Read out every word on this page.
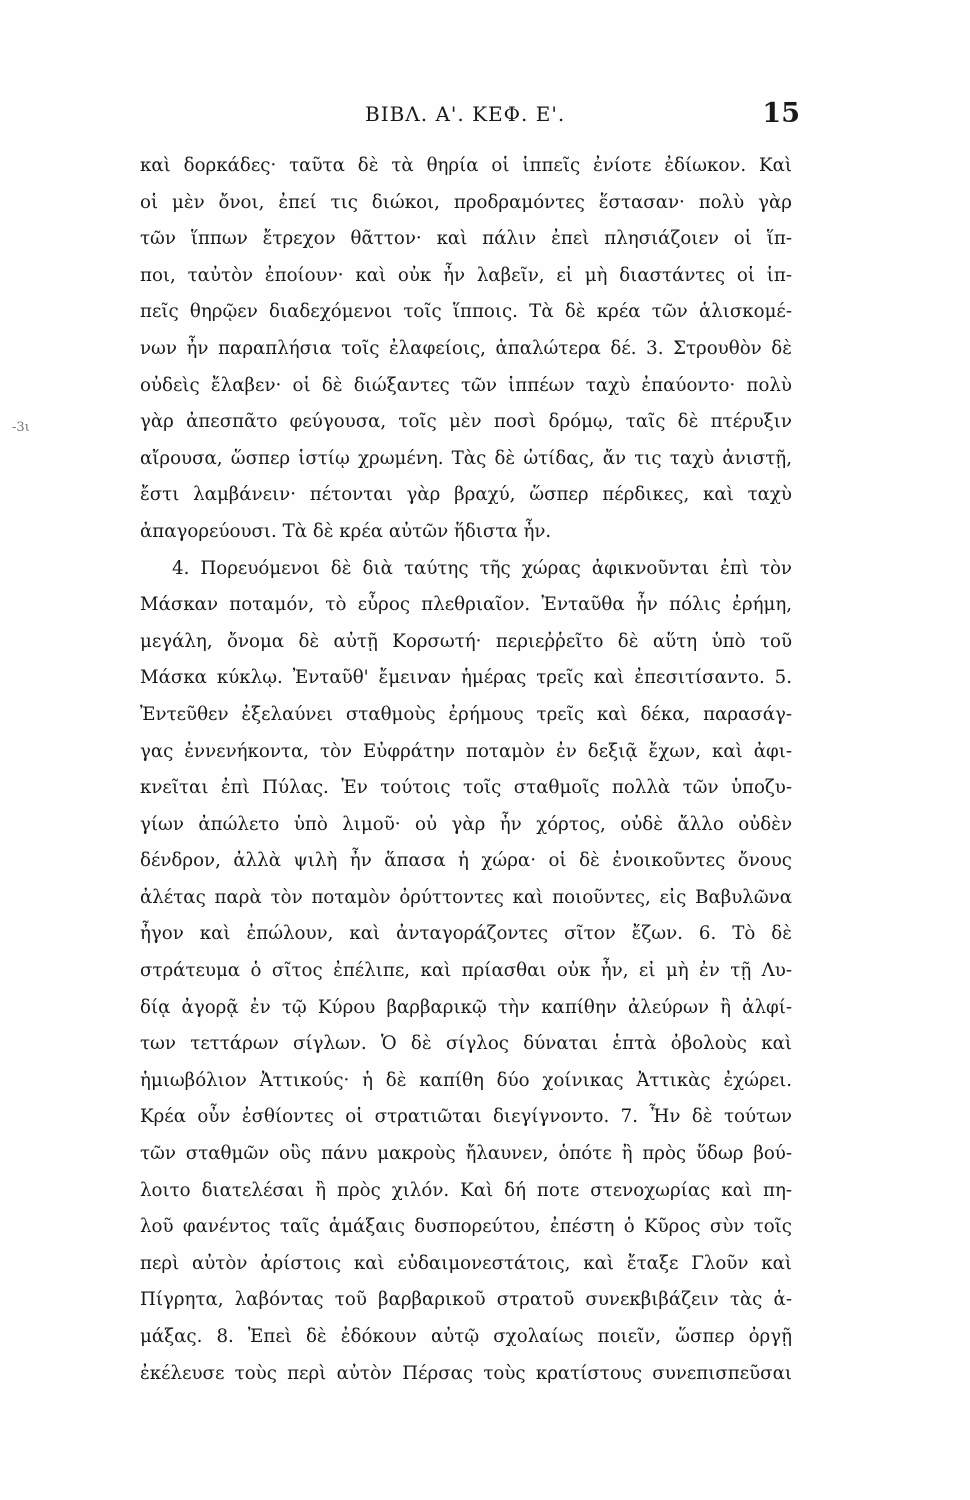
ΒΙΒΛ. Α'. ΚΕΦ. Ε'.	15
-3ι
καὶ δορκάδες· ταῦτα δὲ τὰ θηρία οἱ ἱππεῖς ἐνίοτε ἐδίωκον. Καὶ
οἱ μὲν ὄνοι, ἐπεί τις διώκοι, προδραμόντες ἕστασαν· πολὺ γὰρ
τῶν ἵππων ἔτρεχον θᾶττον· καὶ πάλιν ἐπεὶ πλησιάζοιεν οἱ ἵπ-
ποι, ταὐτὸν ἐποίουν· καὶ οὐκ ἦν λαβεῖν, εἰ μὴ διαστάντες οἱ ἱπ-
πεῖς θηρῷεν διαδεχόμενοι τοῖς ἵπποις. Τὰ δὲ κρέα τῶν ἁλισκομέ-
νων ἦν παραπλήσια τοῖς ἐλαφείοις, ἁπαλώτερα δέ. 3. Στρουθὸν δὲ
οὐδεὶς ἔλαβεν· οἱ δὲ διώξαντες τῶν ἱππέων ταχὺ ἐπαύοντο· πολὺ
γὰρ ἀπεσπᾶτο φεύγουσα, τοῖς μὲν ποσὶ δρόμῳ, ταῖς δὲ πτέρυξιν
αἴρουσα, ὥσπερ ἱστίῳ χρωμένη. Τὰς δὲ ὠτίδας, ἄν τις ταχὺ ἀνιστῇ,
ἔστι λαμβάνειν· πέτονται γὰρ βραχύ, ὥσπερ πέρδικες, καὶ ταχὺ
ἀπαγορεύουσι. Τὰ δὲ κρέα αὐτῶν ἥδιστα ἦν.
4. Πορευόμενοι δὲ διὰ ταύτης τῆς χώρας ἀφικνοῦνται ἐπὶ τὸν
Μάσκαν ποταμόν, τὸ εὖρος πλεθριαῖον. Ἐνταῦθα ἦν πόλις ἐρήμη,
μεγάλη, ὄνομα δὲ αὐτῇ Κορσωτή· περιεῤῥεῖτο δὲ αὕτη ὑπὸ τοῦ
Μάσκα κύκλῳ. Ἐνταῦθ' ἔμειναν ἡμέρας τρεῖς καὶ ἐπεσιτίσαντο. 5.
Ἐντεῦθεν ἐξελαύνει σταθμοὺς ἐρήμους τρεῖς καὶ δέκα, παρασάγ-
γας ἐννενήκοντα, τὸν Εὐφράτην ποταμὸν ἐν δεξιᾷ ἔχων, καὶ ἀφι-
κνεῖται ἐπὶ Πύλας. Ἐν τούτοις τοῖς σταθμοῖς πολλὰ τῶν ὑποζυ-
γίων ἀπώλετο ὑπὸ λιμοῦ· οὐ γὰρ ἦν χόρτος, οὐδὲ ἄλλο οὐδὲν
δένδρον, ἀλλὰ ψιλὴ ἦν ἅπασα ἡ χώρα· οἱ δὲ ἐνοικοῦντες ὄνους
ἀλέτας παρὰ τὸν ποταμὸν ὀρύττοντες καὶ ποιοῦντες, εἰς Βαβυλῶνα
ἦγον καὶ ἐπώλουν, καὶ ἀνταγοράζοντες σῖτον ἔζων. 6. Τὸ δὲ
στράτευμα ὁ σῖτος ἐπέλιπε, καὶ πρίασθαι οὐκ ἦν, εἰ μὴ ἐν τῇ Λυ-
δίᾳ ἀγορᾷ ἐν τῷ Κύρου βαρβαρικῷ τὴν καπίθην ἀλεύρων ἢ ἀλφί-
των τεττάρων σίγλων. Ὁ δὲ σίγλος δύναται ἑπτὰ ὀβολοὺς καὶ
ἡμιωβόλιον Ἀττικούς· ἡ δὲ καπίθη δύο χοίνικας Ἀττικὰς ἐχώρει.
Κρέα οὖν ἐσθίοντες οἱ στρατιῶται διεγίγνοντο. 7. Ἦν δὲ τούτων
τῶν σταθμῶν οὓς πάνυ μακροὺς ἤλαυνεν, ὁπότε ἢ πρὸς ὕδωρ βού-
λοιτο διατελέσαι ἢ πρὸς χιλόν. Καὶ δή ποτε στενοχωρίας καὶ πη-
λοῦ φανέντος ταῖς ἁμάξαις δυσπορεύτου, ἐπέστη ὁ Κῦρος σὺν τοῖς
περὶ αὐτὸν ἀρίστοις καὶ εὐδαιμονεστάτοις, καὶ ἔταξε Γλοῦν καὶ
Πίγρητα, λαβόντας τοῦ βαρβαρικοῦ στρατοῦ συνεκβιβάζειν τὰς ἁ-
μάξας. 8. Ἐπεὶ δὲ ἐδόκουν αὐτῷ σχολαίως ποιεῖν, ὥσπερ ὀργῇ
ἐκέλευσε τοὺς περὶ αὐτὸν Πέρσας τοὺς κρατίστους συνεπισπεῦσαι
